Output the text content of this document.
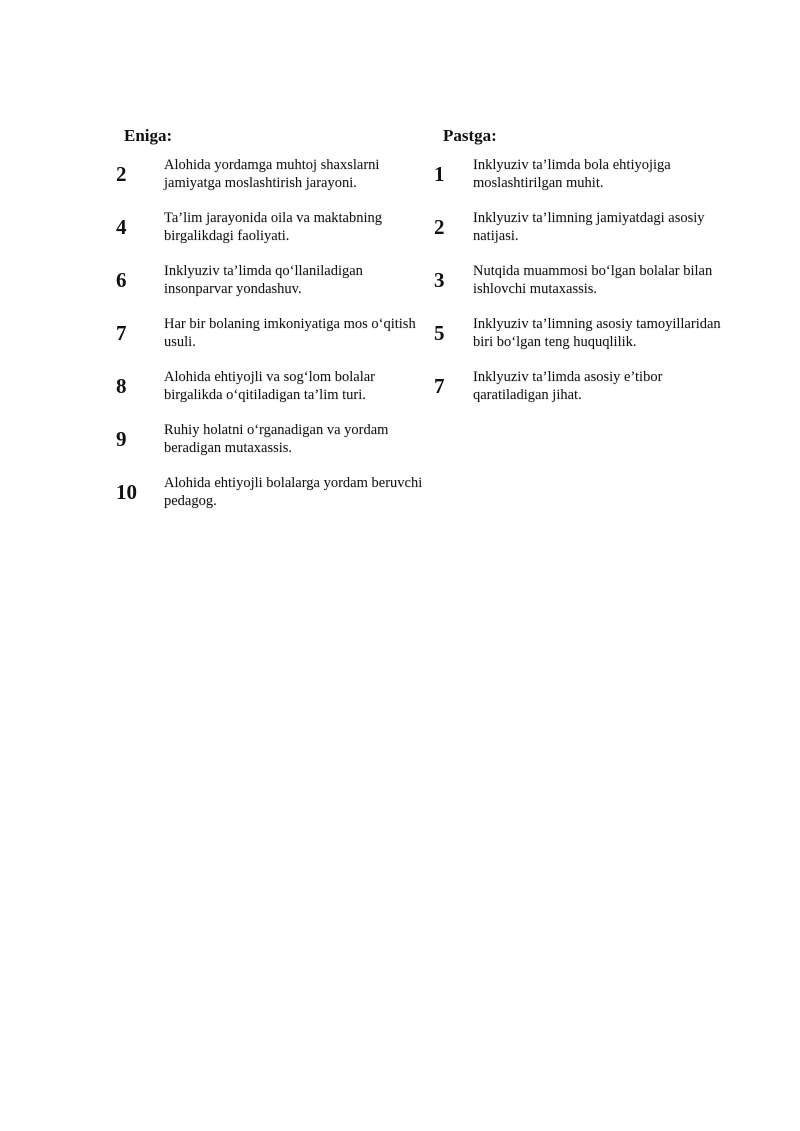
Eniga:
2	Alohida yordamga muhtoj shaxslarni jamiyatga moslashtirish jarayoni.
4	Ta’lim jarayonida oila va maktabning birgalikdagi faoliyati.
6	Inklyuziv ta’limda qo‘llaniladigan insonparvar yondashuv.
7	Har bir bolaning imkoniyatiga mos o‘qitish usuli.
8	Alohida ehtiyojli va sog‘lom bolalar birgalikda o‘qitiladigan ta’lim turi.
9	Ruhiy holatni o‘rganadigan va yordam beradigan mutaxassis.
10	Alohida ehtiyojli bolalarga yordam beruvchi pedagog.
Pastga:
1	Inklyuziv ta’limda bola ehtiyojiga moslashtirilgan muhit.
2	Inklyuziv ta’limning jamiyatdagi asosiy natijasi.
3	Nutqida muammosi bo‘lgan bolalar bilan ishlovchi mutaxassis.
5	Inklyuziv ta’limning asosiy tamoyillaridan biri bo‘lgan teng huquqlilik.
7	Inklyuziv ta’limda asosiy e’tibor qaratiladigan jihat.
